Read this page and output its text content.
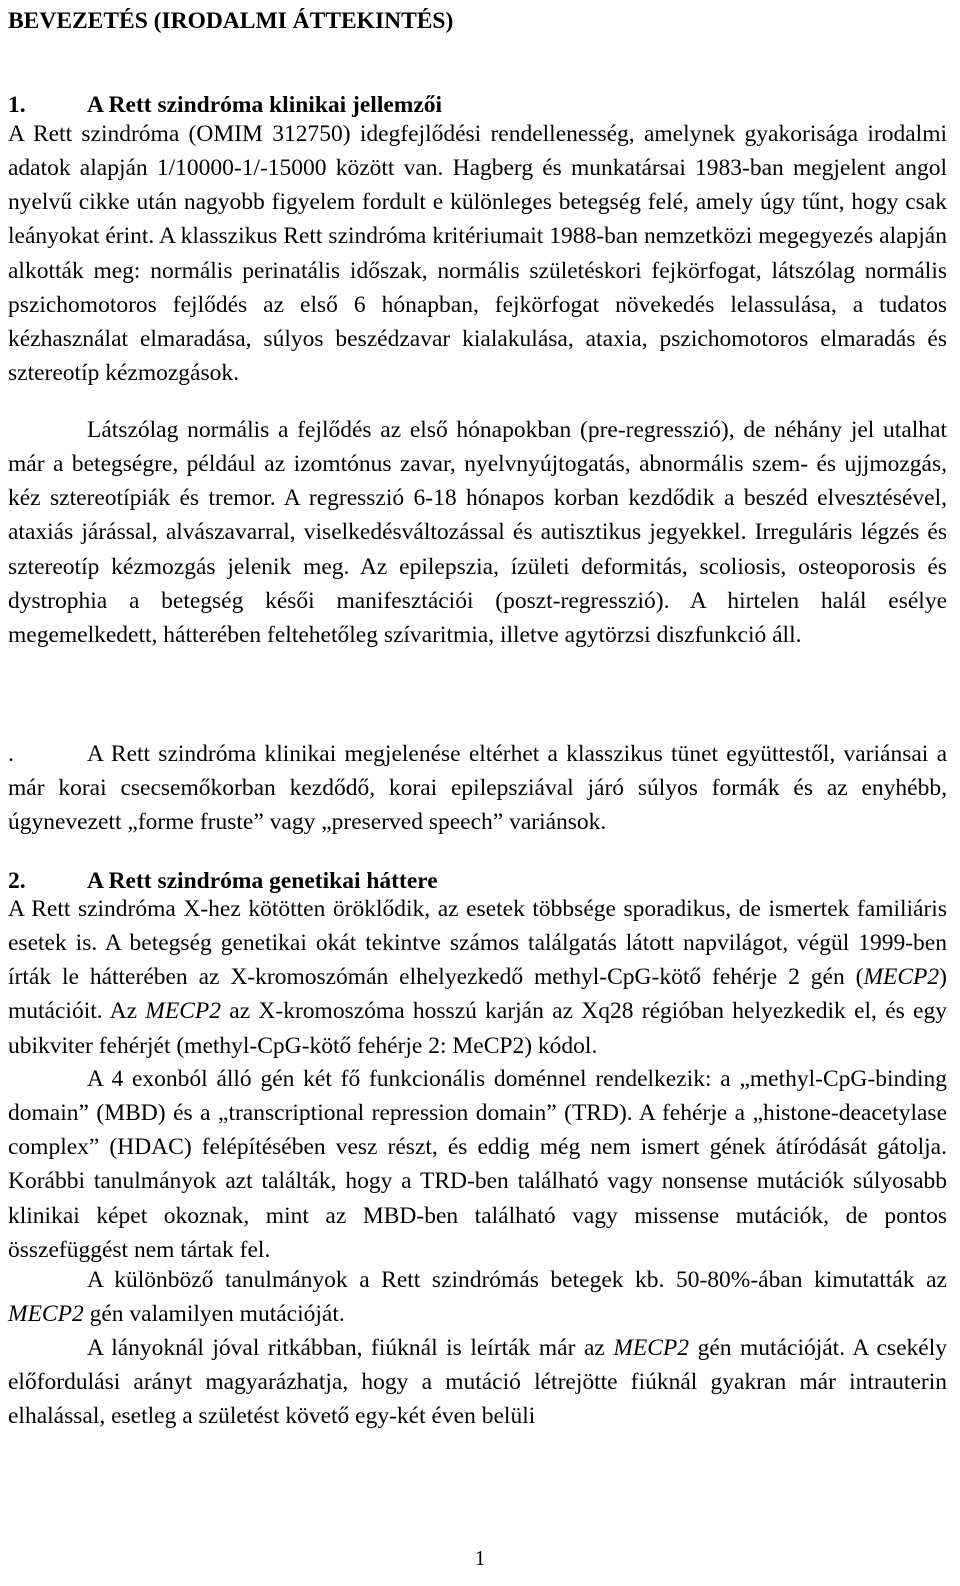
BEVEZETÉS (IRODALMI ÁTTEKINTÉS)
1.	A Rett szindróma klinikai jellemzői

A Rett szindróma (OMIM 312750) idegfejlődési rendellenesség, amelynek gyakorisága irodalmi adatok alapján 1/10000-1/-15000 között van. Hagberg és munkatársai 1983-ban megjelent angol nyelvű cikke után nagyobb figyelem fordult e különleges betegség felé, amely úgy tűnt, hogy csak leányokat érint. A klasszikus Rett szindróma kritériumait 1988-ban nemzetközi megegyezés alapján alkották meg: normális perinatális időszak, normális születéskori fejkörfogat, látszólag normális pszichomotoros fejlődés az első 6 hónapban, fejkörfogat növekedés lelassulása, a tudatos kézhasználat elmaradása, súlyos beszédzavar kialakulása, ataxia, pszichomotoros elmaradás és sztereotíp kézmozgások.

Látszólag normális a fejlődés az első hónapokban (pre-regresszió), de néhány jel utalhat már a betegségre, például az izomtónus zavar, nyelvnyújtogatás, abnormális szem- és ujjmozgás, kéz sztereotípiák és tremor. A regresszió 6-18 hónapos korban kezdődik a beszéd elvesztésével, ataxiás járással, alvászavarral, viselkedésváltozással és autisztikus jegyekkel. Irreguláris légzés és sztereotíp kézmozgás jelenik meg. Az epilepszia, ízületi deformitás, scoliosis, osteoporosis és dystrophia a betegség késői manifesztációi (poszt-regresszió). A hirtelen halál esélye megemelkedett, hátterében feltehetőleg szívaritmia, illetve agytörzsi diszfunkció áll.

.	A Rett szindróma klinikai megjelenése eltérhet a klasszikus tünet együttestől, variánsai a már korai csecsemőkorban kezdődő, korai epilepsziával járó súlyos formák és az enyhébb, úgynevezett „forme fruste” vagy „preserved speech” variánsok.

2.	A Rett szindróma genetikai háttere

A Rett szindróma X-hez kötötten öröklődik, az esetek többsége sporadikus, de ismertek familiáris esetek is. A betegség genetikai okát tekintve számos találgatás látott napvilágot, végül 1999-ben írták le hátterében az X-kromoszómán elhelyezkedő methyl-CpG-kötő fehérje 2 gén (MECP2) mutációit. Az MECP2 az X-kromoszóma hosszú karján az Xq28 régióban helyezkedik el, és egy ubikviter fehérjét (methyl-CpG-kötő fehérje 2: MeCP2) kódol.

A 4 exonból álló gén két fő funkcionális doménnel rendelkezik: a „methyl-CpG-binding domain” (MBD) és a „transcriptional repression domain” (TRD). A fehérje a „histone-deacetylase complex” (HDAC) felépítésében vesz részt, és eddig még nem ismert gének átíródását gátolja. Korábbi tanulmányok azt találták, hogy a TRD-ben található vagy nonsense mutációk súlyosabb klinikai képet okoznak, mint az MBD-ben található vagy missense mutációk, de pontos összefüggést nem tártak fel.

A különböző tanulmányok a Rett szindrómás betegek kb. 50-80%-ában kimutatták az MECP2 gén valamilyen mutációját.

A lányoknál jóval ritkábban, fiúknál is leírták már az MECP2 gén mutációját. A csekély előfordulási arányt magyarázhatja, hogy a mutáció létrejötte fiúknál gyakran már intrauterin elhalással, esetleg a születést követő egy-két éven belüli

1
